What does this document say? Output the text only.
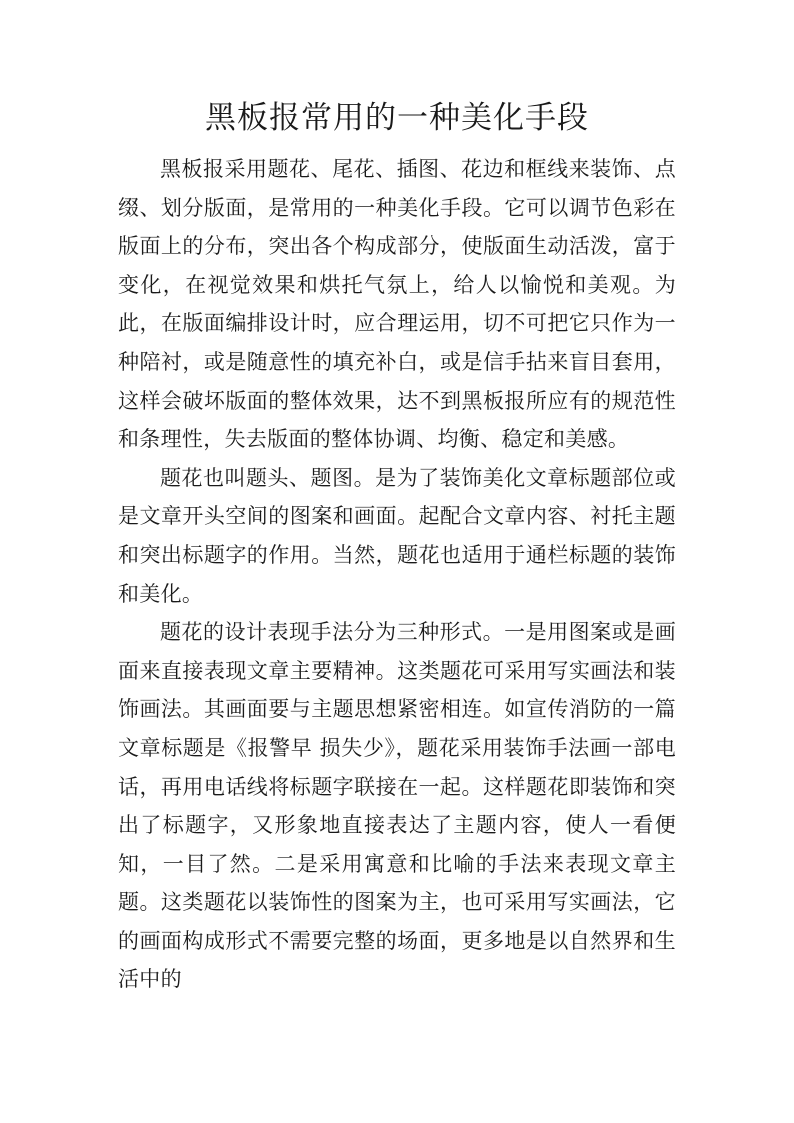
黑板报常用的一种美化手段

黑板报采用题花、尾花、插图、花边和框线来装饰、点缀、划分版面，是常用的一种美化手段。它可以调节色彩在版面上的分布，突出各个构成部分，使版面生动活泼，富于变化，在视觉效果和烘托气氛上，给人以愉悦和美观。为此，在版面编排设计时，应合理运用，切不可把它只作为一种陪衬，或是随意性的填充补白，或是信手拈来盲目套用，这样会破坏版面的整体效果，达不到黑板报所应有的规范性和条理性，失去版面的整体协调、均衡、稳定和美感。

题花也叫题头、题图。是为了装饰美化文章标题部位或是文章开头空间的图案和画面。起配合文章内容、衬托主题和突出标题字的作用。当然，题花也适用于通栏标题的装饰和美化。

题花的设计表现手法分为三种形式。一是用图案或是画面来直接表现文章主要精神。这类题花可采用写实画法和装饰画法。其画面要与主题思想紧密相连。如宣传消防的一篇文章标题是《报警早 损失少》，题花采用装饰手法画一部电话，再用电话线将标题字联接在一起。这样题花即装饰和突出了标题字，又形象地直接表达了主题内容，使人一看便知，一目了然。二是采用寓意和比喻的手法来表现文章主题。这类题花以装饰性的图案为主，也可采用写实画法，它的画面构成形式不需要完整的场面，更多地是以自然界和生活中的
